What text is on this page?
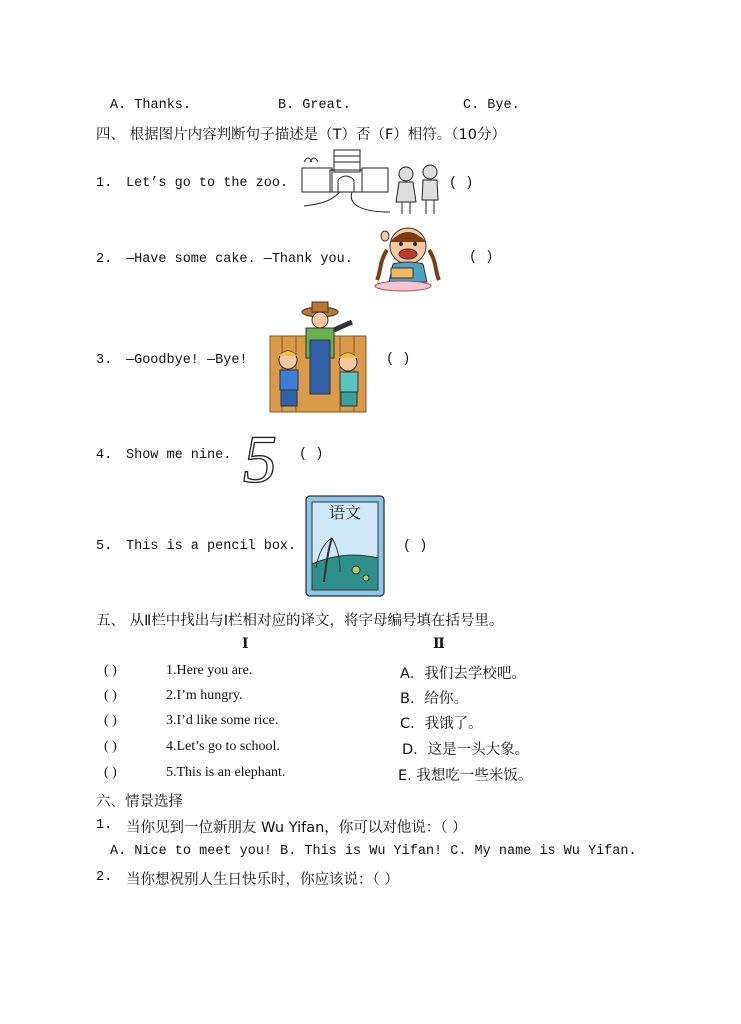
A. Thanks.	B. Great.	C. Bye.
四、 根据图片内容判断句子描述是（T）否（F）相符。（10分）
1. Let’s go to the zoo.	( )
2. —Have some cake. —Thank you.	( )
3. —Goodbye! —Bye!	( )
4. Show me nine. 5 ( )
5. This is a pencil box.
语文
( )
五、 从Ⅱ栏中找出与Ⅰ栏相对应的译文，将字母编号填在括号里。
Ⅰ	Ⅱ
( )	1.Here you are.	A．我们去学校吧。
( )	2.I’m hungry.	B．给你。
( )	3.I’d like some rice.	C．我饿了。
( )	4.Let’s go to school.	D．这是一头大象。
( )	5.This is an elephant.	E. 我想吃一些米饭。
六、情景选择
1. 当你见到一位新朋友 Wu Yifan，你可以对他说：（ ）
A. Nice to meet you! B. This is Wu Yifan! C. My name is Wu Yifan.
2. 当你想祝别人生日快乐时，你应该说：（ ）
